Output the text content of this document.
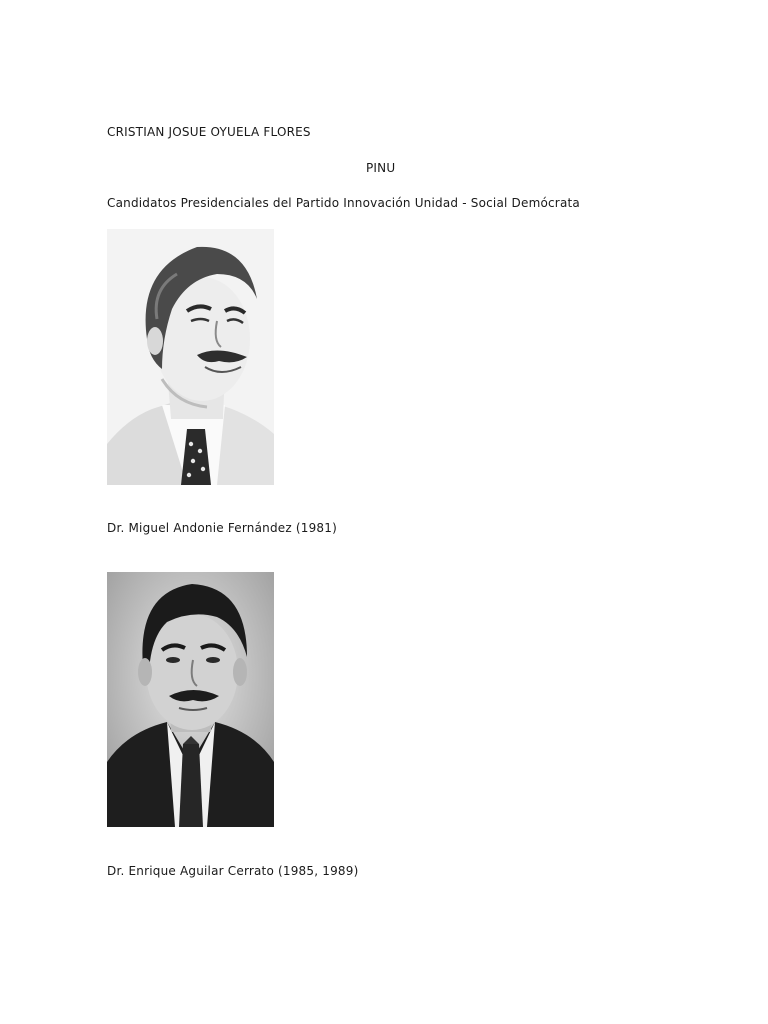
CRISTIAN JOSUE OYUELA FLORES
PINU
Candidatos Presidenciales del Partido Innovación Unidad - Social Demócrata
Dr. Miguel Andonie Fernández (1981)
Dr. Enrique Aguilar Cerrato (1985, 1989)
